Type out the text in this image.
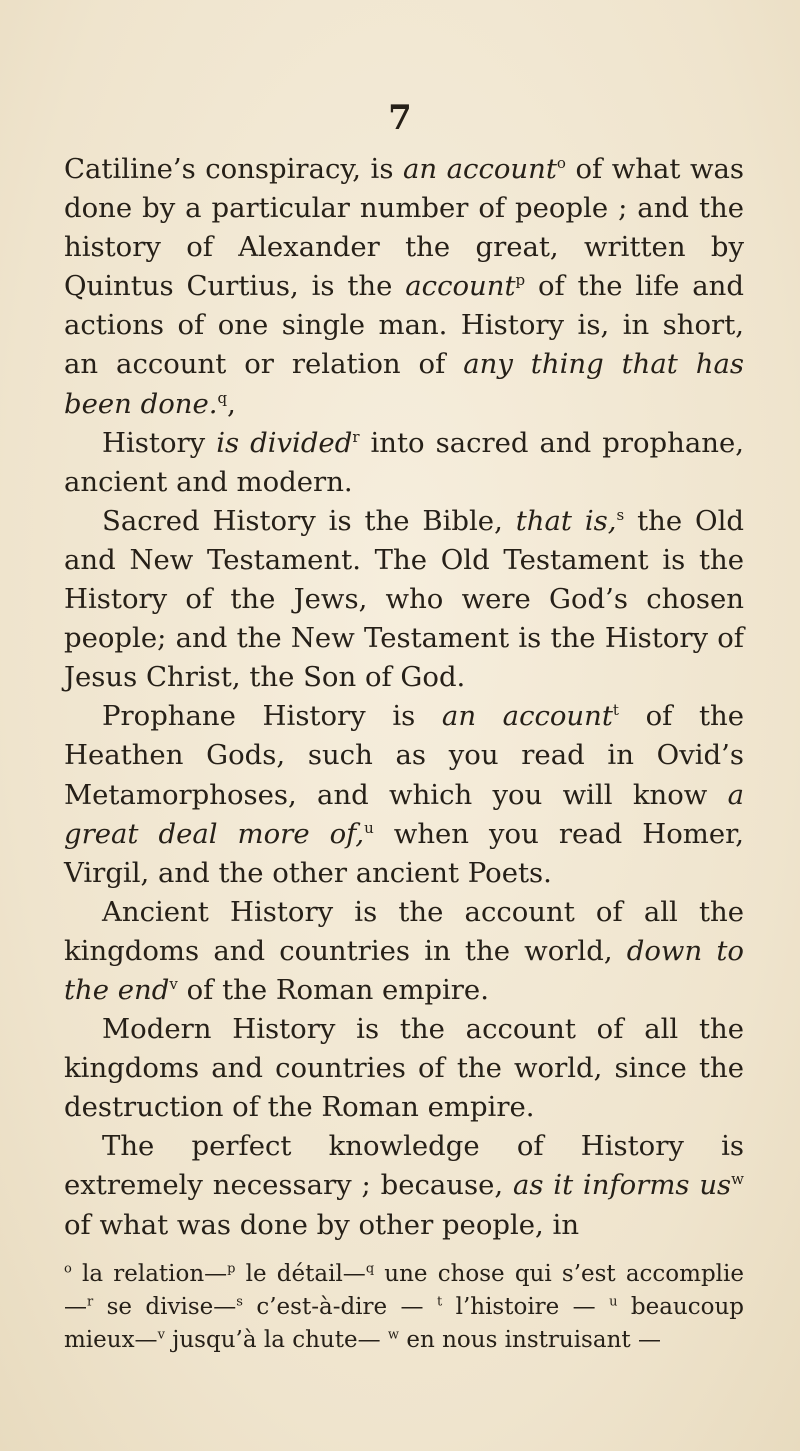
7

Catiline’s conspiracy, is an account$^o$ of what was done by a particular number of people ; and the history of Alexander the great, written by Quintus Curtius, is the account$^p$ of the life and actions of one single man. History is, in short, an account or relation of any thing that has been done.$^q$,

History is divided$^r$ into sacred and prophane, ancient and modern.

Sacred History is the Bible, that is,$^s$ the Old and New Testament. The Old Testament is the History of the Jews, who were God’s chosen people; and the New Testament is the History of Jesus Christ, the Son of God.

Prophane History is an account$^t$ of the Heathen Gods, such as you read in Ovid’s Metamorphoses, and which you will know a great deal more of,$^u$ when you read Homer, Virgil, and the other ancient Poets.

Ancient History is the account of all the kingdoms and countries in the world, down to the end$^v$ of the Roman empire.

Modern History is the account of all the kingdoms and countries of the world, since the destruction of the Roman empire.

The perfect knowledge of History is extremely necessary ; because, as it informs $us^w$ of what was done by other people, in

$^o$ la relation—$^p$ le détail—$^q$ une chose qui s’est accomplie —$^r$ se divise—$^s$ c’est-à-dire — $^t$ l’histoire — $^u$ beaucoup mieux—$^v$ jusqu’à la chute— $^w$ en nous instruisant —
